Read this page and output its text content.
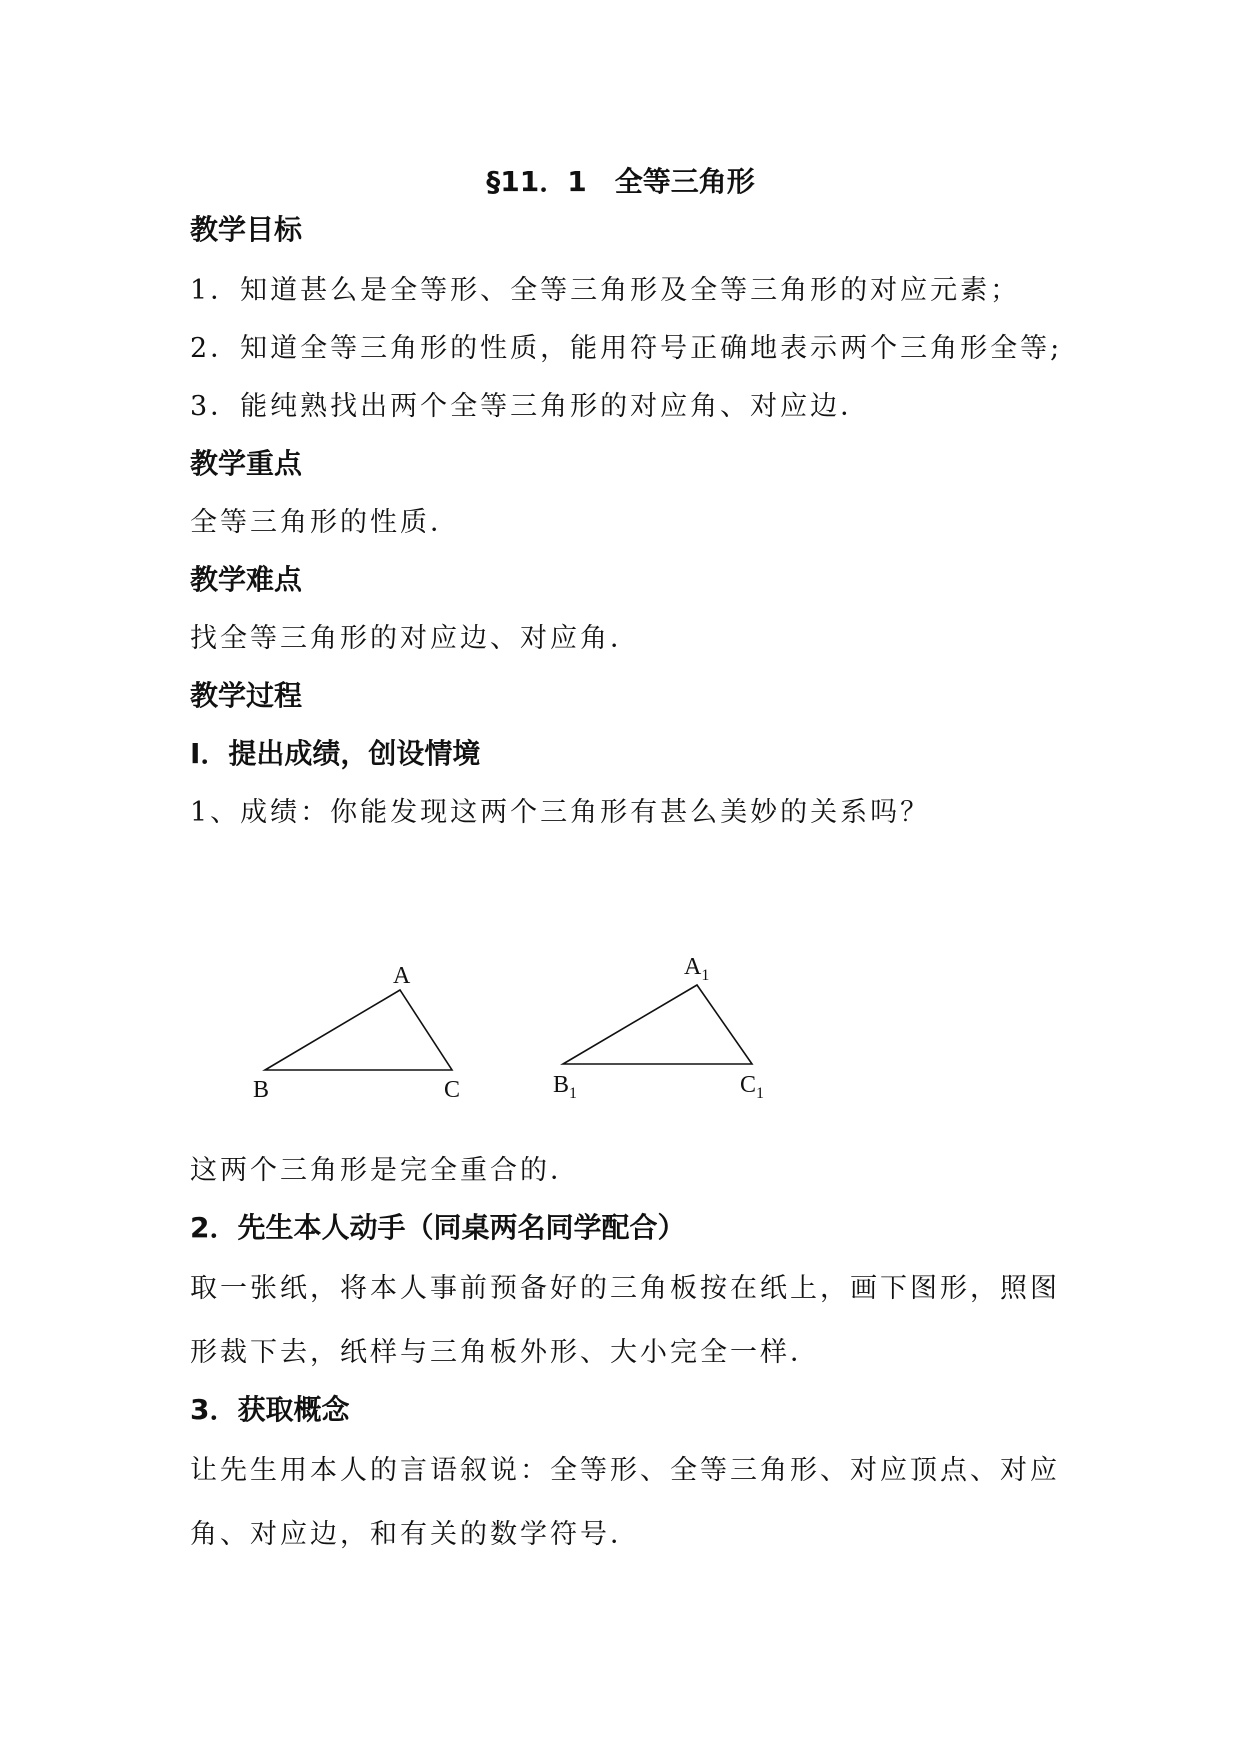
§11．1　全等三角形
教学目标
1．知道甚么是全等形、全等三角形及全等三角形的对应元素；
2．知道全等三角形的性质，能用符号正确地表示两个三角形全等;
3．能纯熟找出两个全等三角形的对应角、对应边．
教学重点
全等三角形的性质．
教学难点
找全等三角形的对应边、对应角．
教学过程
Ⅰ．提出成绩，创设情境
1、成绩：你能发现这两个三角形有甚么美妙的关系吗？
A
B	C
$A_1$
$B_1$	$C_1$
这两个三角形是完全重合的．
2．先生本人动手（同桌两名同学配合）
取一张纸，将本人事前预备好的三角板按在纸上，画下图形，照图
形裁下去，纸样与三角板外形、大小完全一样．
3．获取概念
让先生用本人的言语叙说：全等形、全等三角形、对应顶点、对应
角、对应边，和有关的数学符号．
